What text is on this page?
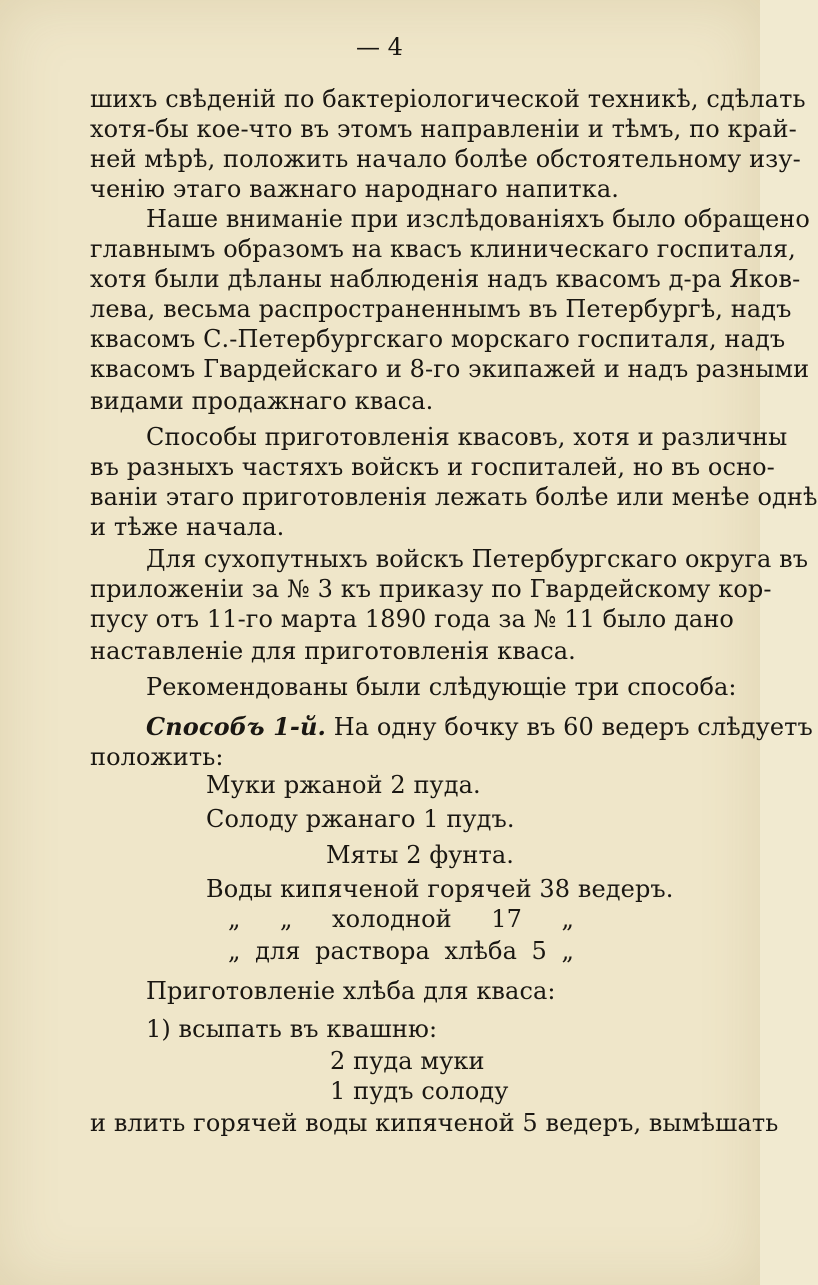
— 4
шихъ свѣденій по бактеріологической техникѣ, сдѣлать
хотя-бы кое-что въ этомъ направленіи и тѣмъ, по край-
ней мѣрѣ, положить начало болѣе обстоятельному изу-
ченію этаго важнаго народнаго напитка.
Наше вниманіе при изслѣдованіяхъ было обращено
главнымъ образомъ на квасъ клиническаго госпиталя,
хотя были дѣланы наблюденія надъ квасомъ д-ра Яков-
лева, весьма распространеннымъ въ Петербургѣ, надъ
квасомъ С.-Петербургскаго морскаго госпиталя, надъ
квасомъ Гвардейскаго и 8-го экипажей и надъ разными
видами продажнаго кваса.
Способы приготовленія квасовъ, хотя и различны
въ разныхъ частяхъ войскъ и госпиталей, но въ осно-
ваніи этаго приготовленія лежать болѣе или менѣе однѣ
и тѣже начала.
Для сухопутныхъ войскъ Петербургскаго округа въ
приложеніи за № 3 къ приказу по Гвардейскому кор-
пусу отъ 11-го марта 1890 года за № 11 было дано
наставленіе для приготовленія кваса.
Рекомендованы были слѣдующіе три способа:
Способъ 1-й. На одну бочку въ 60 ведеръ слѣдуетъ
положить:
Муки ржаной 2 пуда.
Солоду ржанаго 1 пудъ.
Мяты 2 фунта.
Воды кипяченой горячей 38 ведеръ.
„ „ холодной 17 „
„ для раствора хлѣба 5 „
Приготовленіе хлѣба для кваса:
1) всыпать въ квашню:
2 пуда муки
1 пудъ солоду
и влить горячей воды кипяченой 5 ведеръ, вымѣшать
